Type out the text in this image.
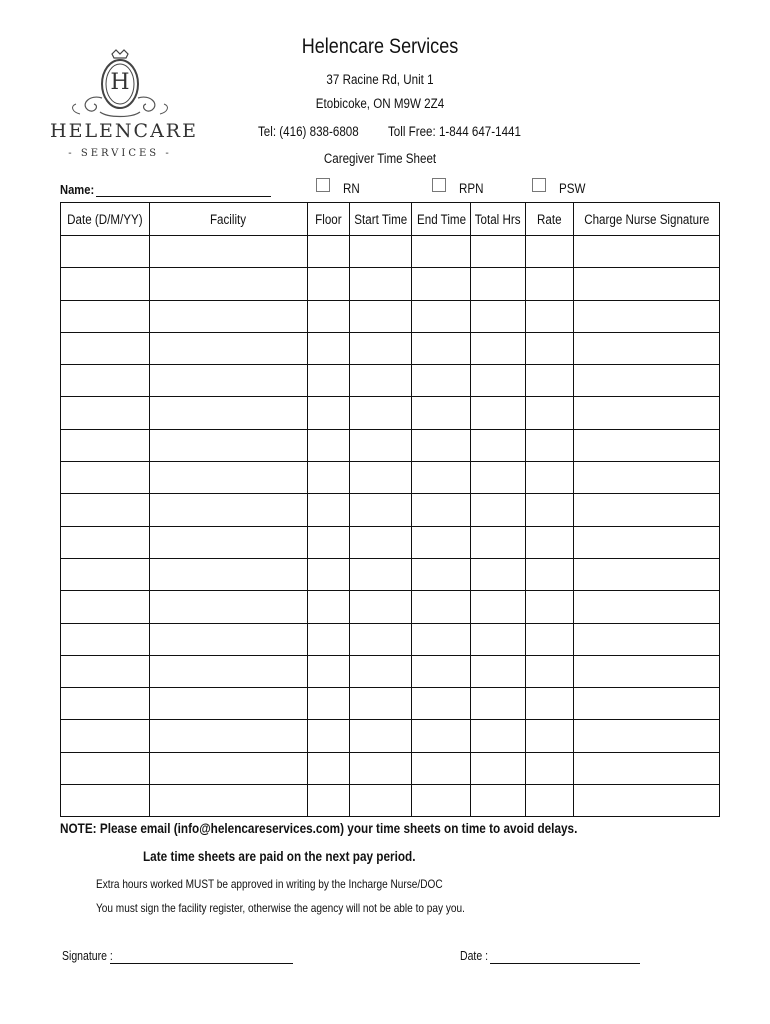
H
HELENCARE
- SERVICES -
Helencare Services
37 Racine Rd, Unit 1
Etobicoke, ON M9W 2Z4
Tel: (416) 838-6808 Toll Free: 1-844 647-1441
Caregiver Time Sheet
Name:	RN	RPN	PSW
Date (D/M/YY)	Facility	Floor	Start Time	End Time	Total Hrs	Rate	Charge Nurse Signature

NOTE: Please email (info@helencareservices.com) your time sheets on time to avoid delays.
Late time sheets are paid on the next pay period.
Extra hours worked MUST be approved in writing by the Incharge Nurse/DOC
You must sign the facility register, otherwise the agency will not be able to pay you.
Signature :	Date :
